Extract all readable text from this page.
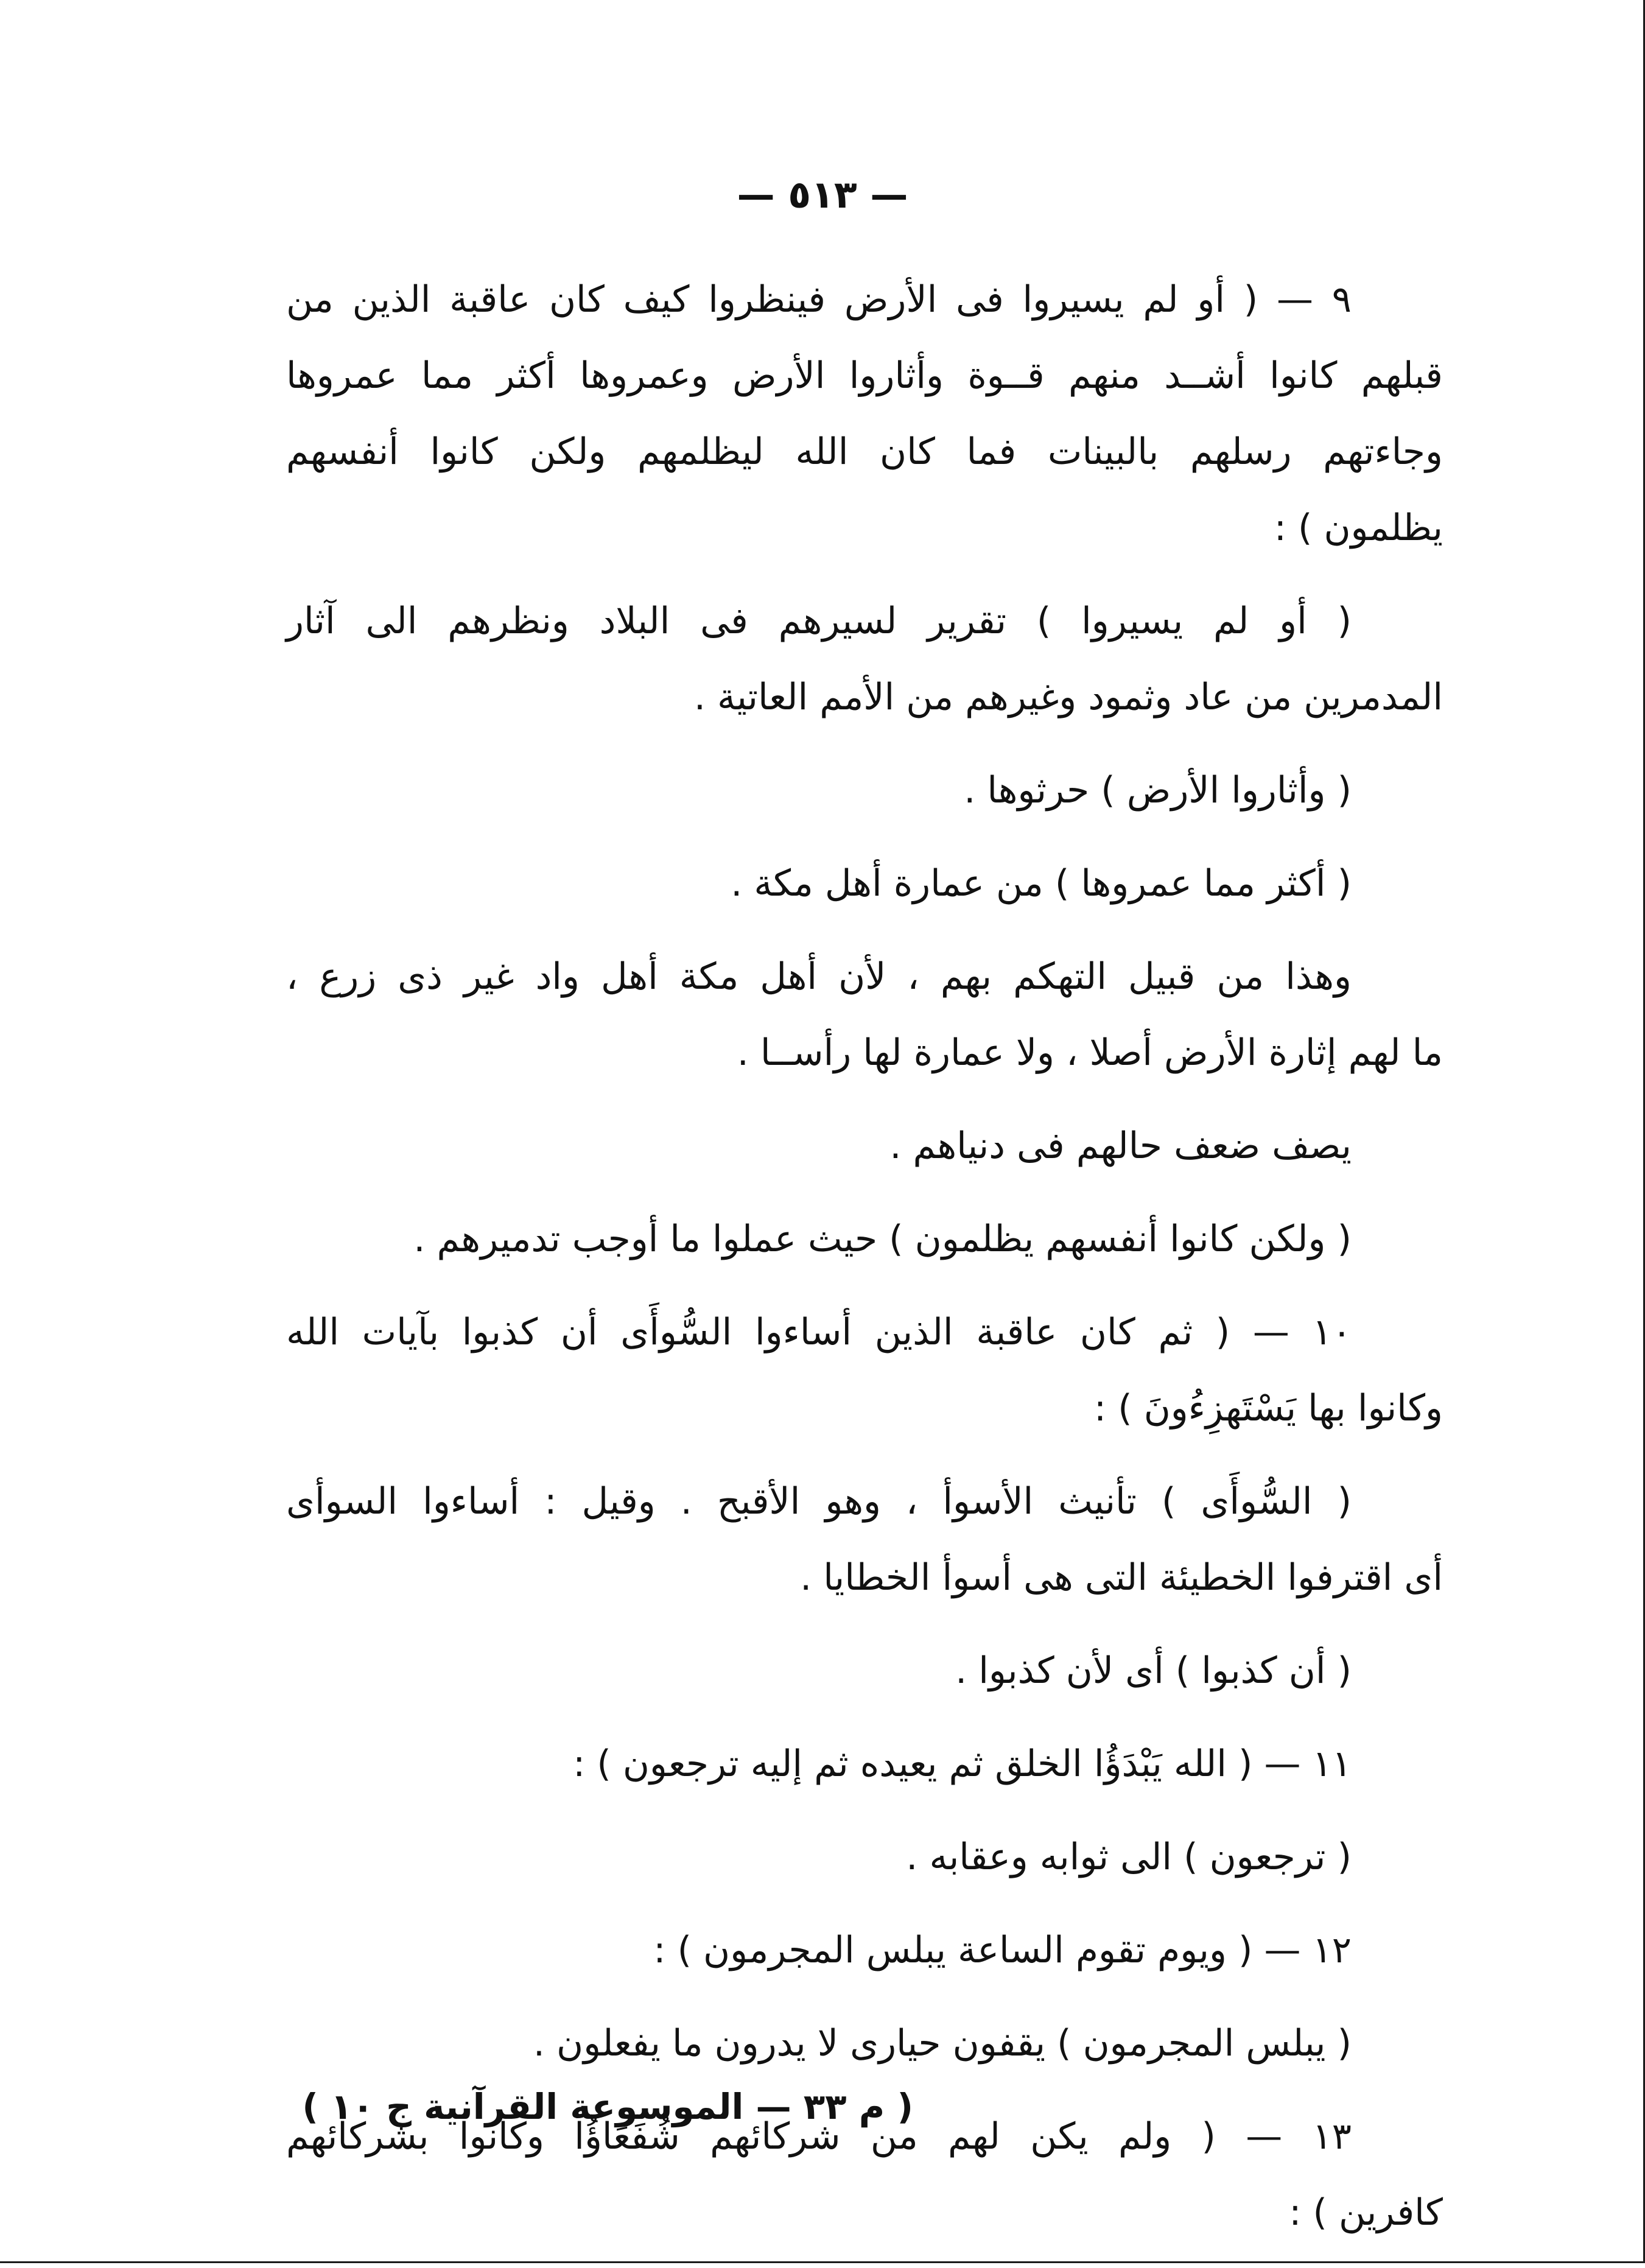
— ٥١٣ —
٩ — ( أو لم يسيروا فى الأرض فينظروا كيف كان عاقبة الذين من
قبلهم كانوا أشــد منهم قــوة وأثاروا الأرض وعمروها أكثر مما عمروها
وجاءتهم رسلهم بالبينات فما كان الله ليظلمهم ولكن كانوا أنفسهم
يظلمون ) :
( أو لم يسيروا ) تقرير لسيرهم فى البلاد ونظرهم الى آثار
المدمرين من عاد وثمود وغيرهم من الأمم العاتية .
( وأثاروا الأرض ) حرثوها .
( أكثر مما عمروها ) من عمارة أهل مكة .
وهذا من قبيل التهكم بهم ، لأن أهل مكة أهل واد غير ذى زرع ،
ما لهم إثارة الأرض أصلا ، ولا عمارة لها رأســا .
يصف ضعف حالهم فى دنياهم .
( ولكن كانوا أنفسهم يظلمون ) حيث عملوا ما أوجب تدميرهم .
١٠ — ( ثم كان عاقبة الذين أساءوا السُّوأَى أن كذبوا بآيات الله
وكانوا بها يَسْتَهزِءُونَ ) :
( السُّوأَى ) تأنيث الأسوأ ، وهو الأقبح . وقيل : أساءوا السوأى
أى اقترفوا الخطيئة التى هى أسوأ الخطايا .
( أن كذبوا ) أى لأن كذبوا .
١١ — ( الله يَبْدَؤُا الخلق ثم يعيده ثم إليه ترجعون ) :
( ترجعون ) الى ثوابه وعقابه .
١٢ — ( ويوم تقوم الساعة يبلس المجرمون ) :
( يبلس المجرمون ) يقفون حيارى لا يدرون ما يفعلون .
١٣ — ( ولم يكن لهم من شركائهم شُفَعَاؤُا وكانوا بشركائهم
كافرين ) :
( م ٣٣ — الموسوعة القرآنية ج ١٠ )
